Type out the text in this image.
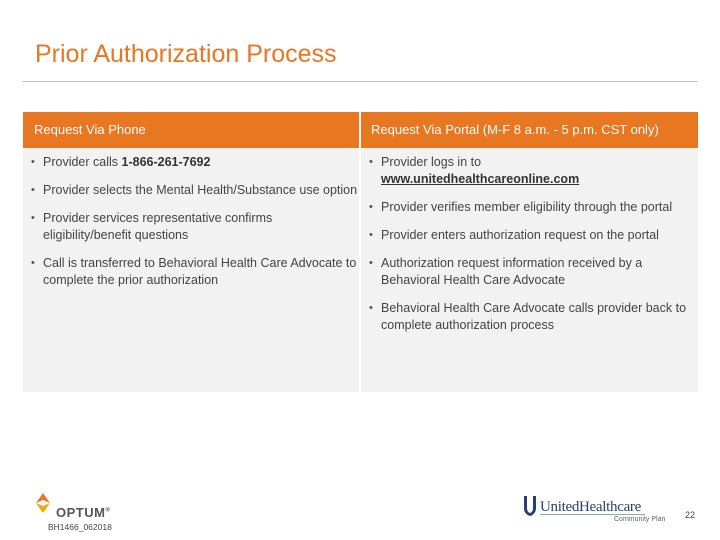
Prior Authorization Process
Request Via Phone
• Provider calls 1-866-261-7692
• Provider selects the Mental Health/Substance use option
• Provider services representative confirms eligibility/benefit questions
• Call is transferred to Behavioral Health Care Advocate to complete the prior authorization
Request Via Portal (M-F 8 a.m. - 5 p.m. CST only)
• Provider logs in to
www.unitedhealthcareonline.com
• Provider verifies member eligibility through the portal
• Provider enters authorization request on the portal
• Authorization request information received by a Behavioral Health Care Advocate
• Behavioral Health Care Advocate calls provider back to complete authorization process
OPTUM®
BH1466_062018
UnitedHealthcare
Community Plan 22
